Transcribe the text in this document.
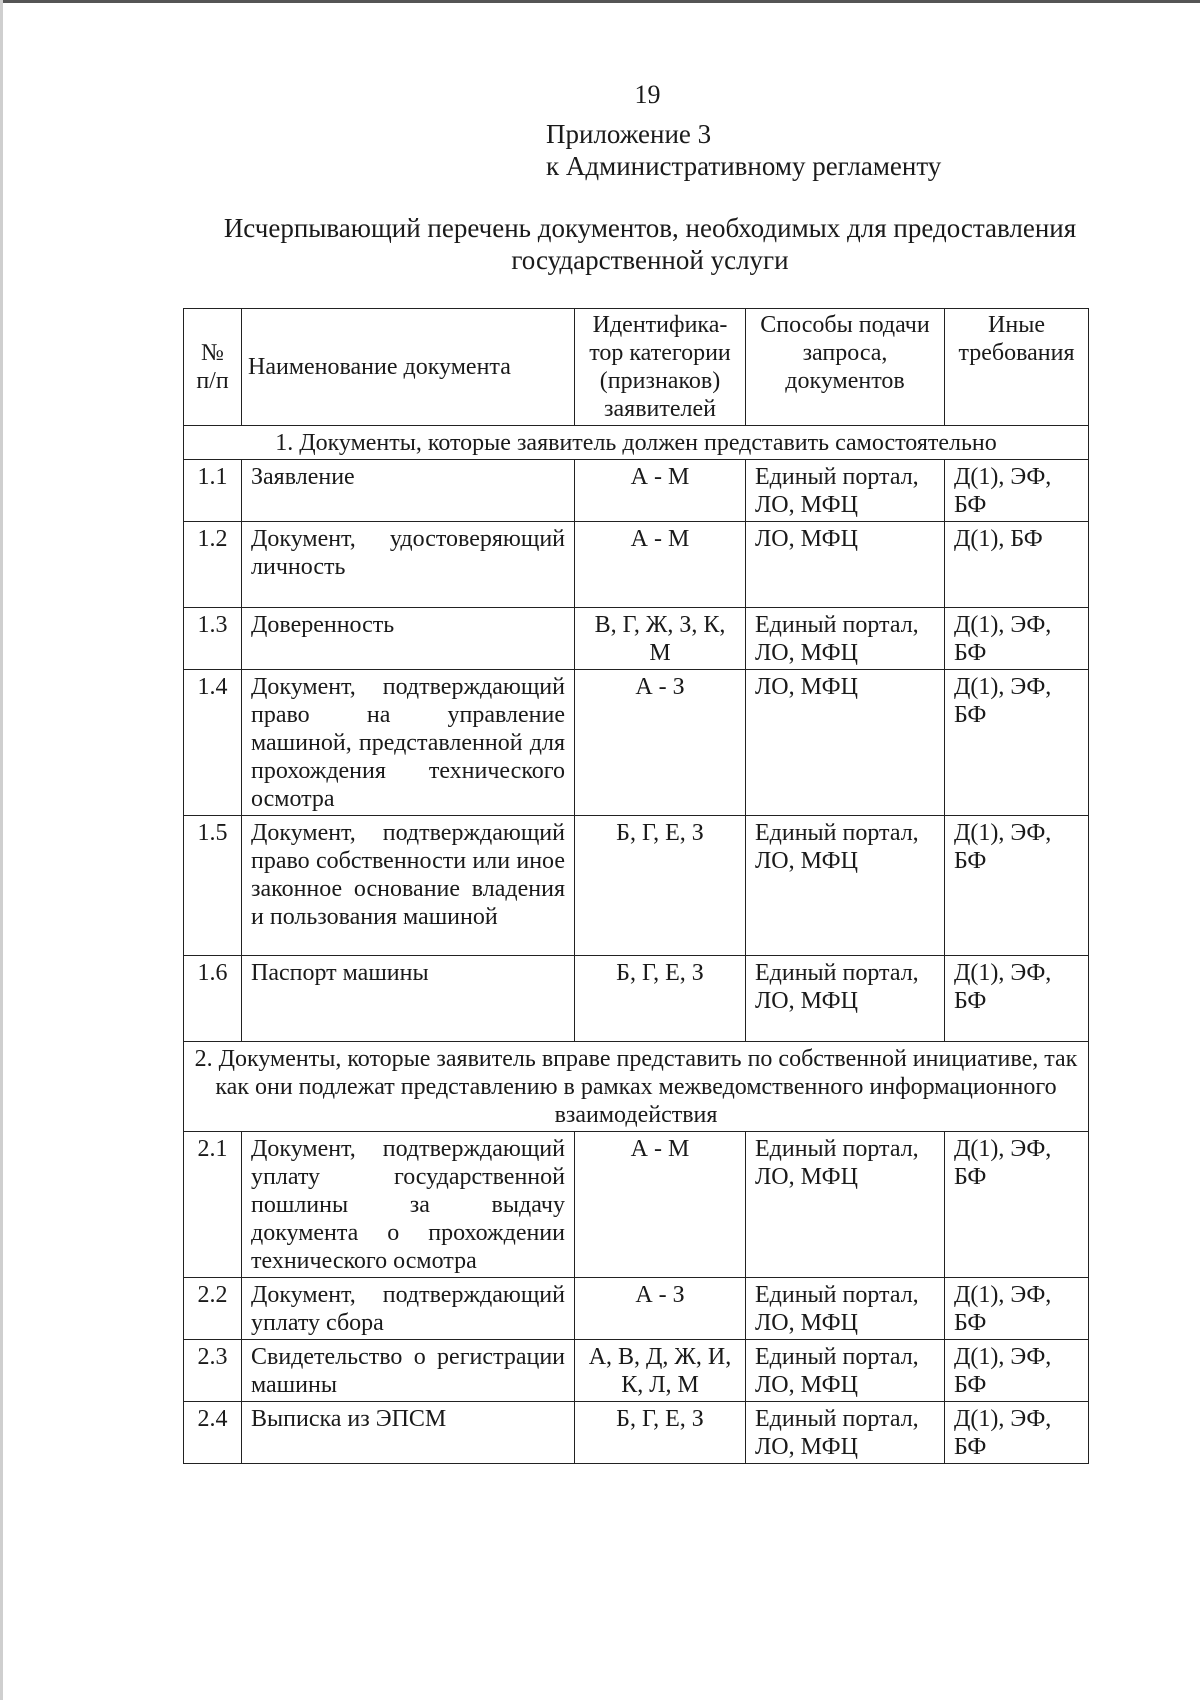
19
Приложение 3
к Административному регламенту
Исчерпывающий перечень документов, необходимых для предоставления
государственной услуги
№ п/п	Наименование документа	Идентифика-тор категории (признаков) заявителей	Способы подачи запроса, документов	Иные требования
1. Документы, которые заявитель должен представить самостоятельно				
1.1	Заявление	А - М	Единый портал, ЛО, МФЦ	Д(1), ЭФ, БФ
1.2	Документ, удостоверяющий личность	А - М	ЛО, МФЦ	Д(1), БФ
1.3	Доверенность	В, Г, Ж, З, К, М	Единый портал, ЛО, МФЦ	Д(1), ЭФ, БФ
1.4	Документ, подтверждающий право на управление машиной, представленной для прохождения технического осмотра	А - З	ЛО, МФЦ	Д(1), ЭФ, БФ
1.5	Документ, подтверждающий право собственности или иное законное основание владения и пользования машиной	Б, Г, Е, З	Единый портал, ЛО, МФЦ	Д(1), ЭФ, БФ
1.6	Паспорт машины	Б, Г, Е, З	Единый портал, ЛО, МФЦ	Д(1), ЭФ, БФ
2. Документы, которые заявитель вправе представить по собственной инициативе, так как они подлежат представлению в рамках межведомственного информационного взаимодействия				
2.1	Документ, подтверждающий уплату государственной пошлины за выдачу документа о прохождении технического осмотра	А - М	Единый портал, ЛО, МФЦ	Д(1), ЭФ, БФ
2.2	Документ, подтверждающий уплату сбора	А - З	Единый портал, ЛО, МФЦ	Д(1), ЭФ, БФ
2.3	Свидетельство о регистрации машины	А, В, Д, Ж, И, К, Л, М	Единый портал, ЛО, МФЦ	Д(1), ЭФ, БФ
2.4	Выписка из ЭПСМ	Б, Г, Е, З	Единый портал, ЛО, МФЦ	Д(1), ЭФ, БФ
